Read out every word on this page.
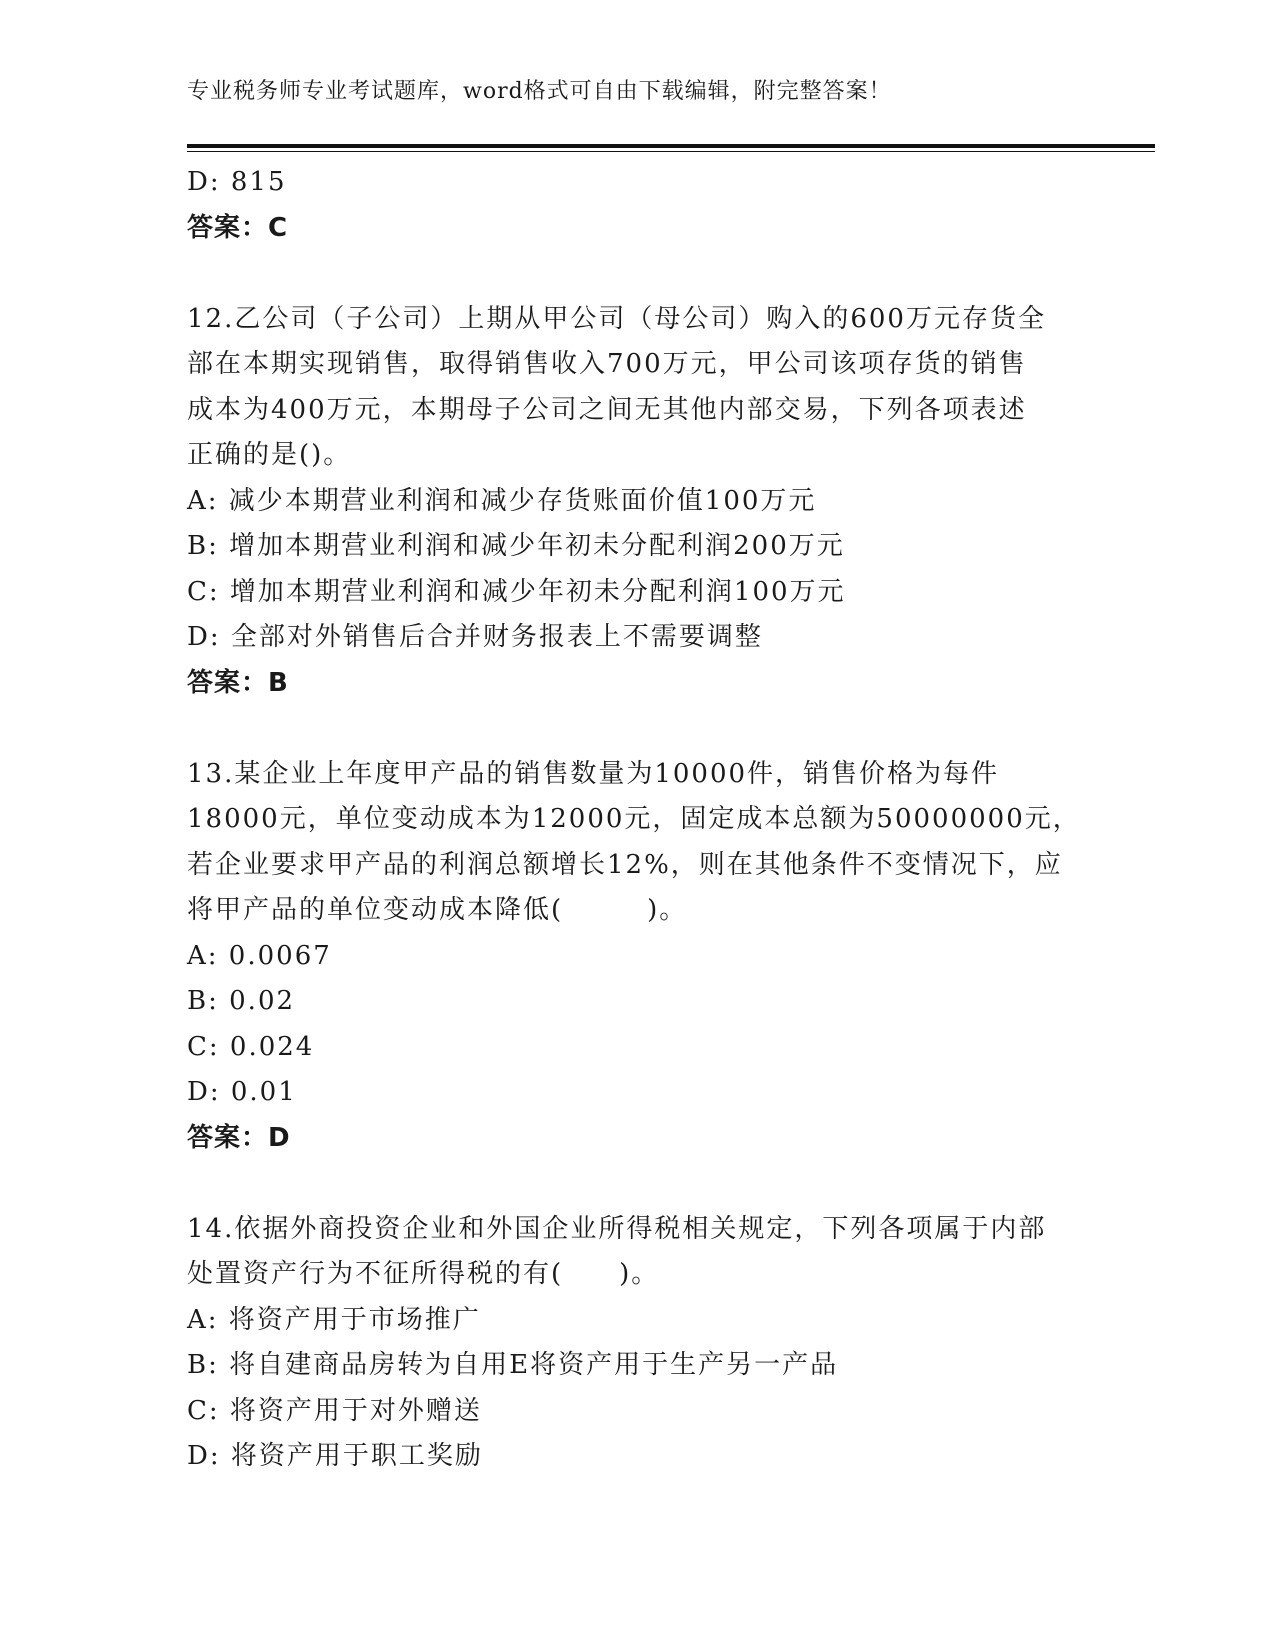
专业税务师专业考试题库，word格式可自由下载编辑，附完整答案！
D: 815
答案：C
12.乙公司（子公司）上期从甲公司（母公司）购入的600万元存货全
部在本期实现销售，取得销售收入700万元，甲公司该项存货的销售
成本为400万元，本期母子公司之间无其他内部交易，下列各项表述
正确的是()。
A: 减少本期营业利润和减少存货账面价值100万元
B: 增加本期营业利润和减少年初未分配利润200万元
C: 增加本期营业利润和减少年初未分配利润100万元
D: 全部对外销售后合并财务报表上不需要调整
答案：B
13.某企业上年度甲产品的销售数量为10000件，销售价格为每件
18000元，单位变动成本为12000元，固定成本总额为50000000元，
若企业要求甲产品的利润总额增长12%，则在其他条件不变情况下，应
将甲产品的单位变动成本降低(　　　)。
A: 0.0067
B: 0.02
C: 0.024
D: 0.01
答案：D
14.依据外商投资企业和外国企业所得税相关规定，下列各项属于内部
处置资产行为不征所得税的有(　　)。
A: 将资产用于市场推广
B: 将自建商品房转为自用E将资产用于生产另一产品
C: 将资产用于对外赠送
D: 将资产用于职工奖励
